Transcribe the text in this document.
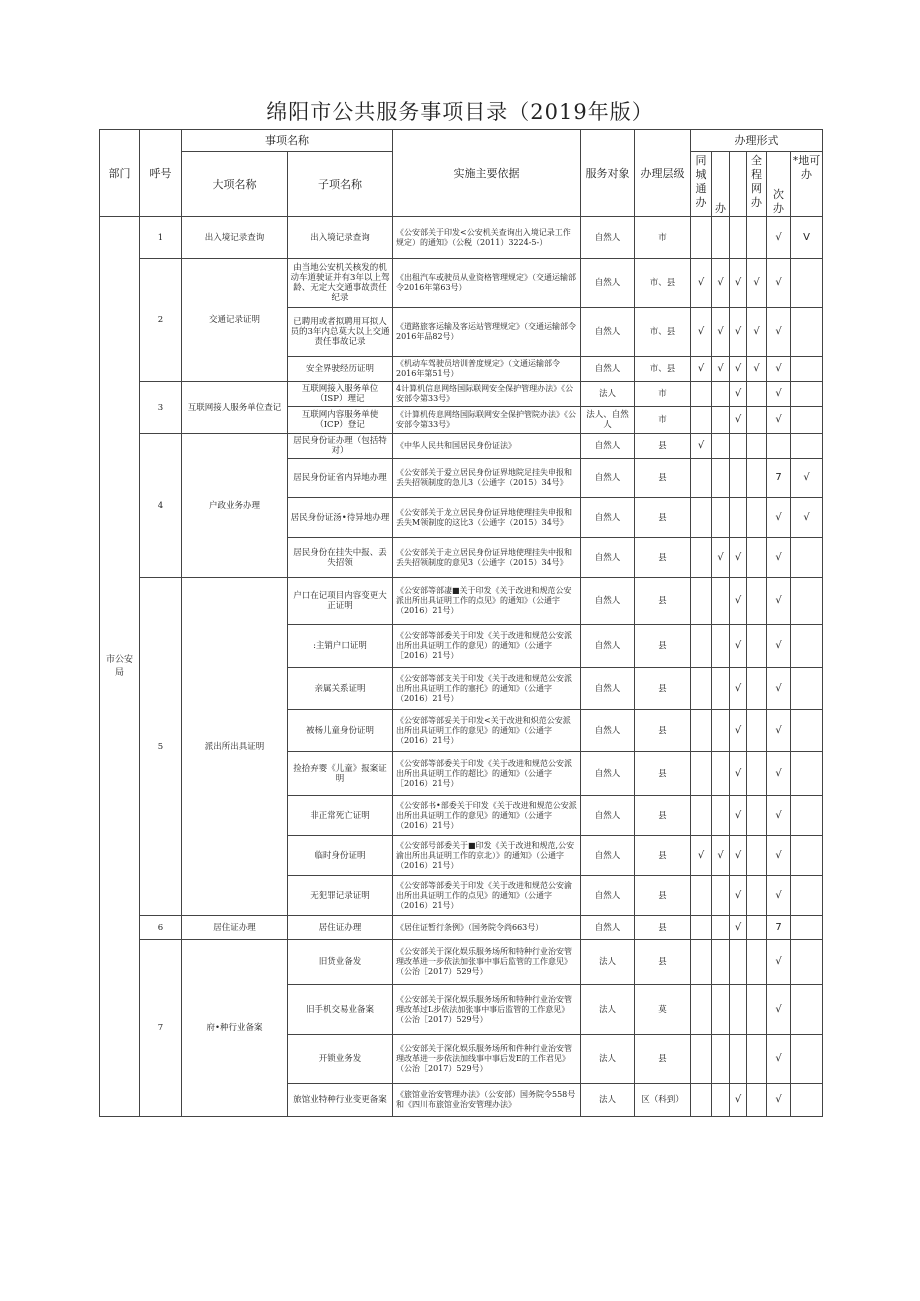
绵阳市公共服务事项目录（2019年版）
部门	呼号	事项名称		实施主要依据	服务对象	办理层级	办理形式					
		大项名称	子项名称				同城通办	办		全程网办	次办	*地可办

市公安局	1	出入境记录查询	出入境记录查询	《公安部关于印发<公安机关查询出入境记录工作规定）的通知》（公税（2011）3224-5-）	自然人	市					√	V
	2	交通记录证明	由当地公安机关核发的机动车道驶证并有3年以上驾龄、无定大交通事故责任纪录	《出租汽车或驶员从业资格管理规定》（交通运输部令2016年第63号）	自然人	市、县	√	√	√	√	√	
			已聘用或者拟聘用耳拟人员的3年内总莫大以上交通责任事故记录	《道路旅客运输及客运站管理规定》（交通运输部令2016年品82号）	自然人	市、县	√	√	√	√	√	
			安全界驶经历证明	《机动车驾驶员培训普度规定》（文通运输部令2016年第51号）	自然人	市、县	√	√	√	√	√	
	3	互联网接人服务单位查记	互联网接入服务单位（ISP）理记	4计算机信息网络国际联网安全保护管理办法》《公安部令第33号》	法人	市			√		√	
			互联网内容服务单使（ICP）登记	《计算机传息网络国际联网安全保护管院办法》《公安部令第33号》	法人、自然人	市			√		√	
	4	户政业务办理	居民身份证办理（包括特对）	《中华人民共和国居民身份证法》	自然人	县	√					
			居民身份证省内异地办理	《公安部关于爱立居民身份证界地院足挂失申报和丢失招领制度的急儿3（公通字（2015）34号》	自然人	县					7	√
			居民身份证汤•待异地办理	《公安部关于龙立居民身份证异地使理挂失申报和丢失M领制度的这比3（公通字（2015）34号》	自然人	县					√	√
			居民身份在挂失中报、丢失招领	《公安部关于走立居民身份证异地使理挂失中报和丢失招领制度的意见3（公通字（2015）34号》	自然人	县		√	√		√	
	5	派出所出具证明	户口在记项目内容变更大正证明	《公安部等部凄■关于印发《关于改进和规范公安派出所出具证明工作的点见》的通知》（公通宇（2016）21号）	自然人	县			√		√	
			:主销户口证明	《公安部等部委关于印发《关于改进和规范公安派出所出具证明工作的意见）的通知》（公通字［2016）21号）	自然人	县			√		√	
			亲属关系证明	《公安部等部支关于印发《关于改进和规范公安派出所出具证明工作的塞托》的通知》（公通字（2016）21号）	自然人	县			√		√	
			被杨儿童身份证明	《公安部等部妥关于印发<关于改进和炽范公安派出所出具证明工作的意见》的通知》（公通字（2016）21号）	自然人	县			√		√	
			捡拾弃婴《儿童》报案证明	《公安部等部委关于印发《关于改进和规范公安派出所出具证明工作的超比》的通知》（公通字［2016）21号）	自然人	县			√		√	
			非正常死亡证明	《公安部书•部委关于印发《关于改进和规范公安派出所出具证明工作的意见》的通知》（公通字（2016）21号）	自然人	县			√		√	
			临时身份证明	《公安部号部委关于■印发《关于改进和规范,公安渝出所出具证明工作的京北）》的通知》（公通字（2016）21号）	自然人	县	√	√	√		√	
			无犯罪记录证明	《公安部等部委关于印发《关于改进和规范公安渝出所出具证明工作的点见》的通知》（公通字（2016）21号）	自然人	县			√		√	
	6	居住证办理	居住证办理	《居住证暂行条例》（国务院令尚663号）	自然人	县			√		7	
	7	府•种行业备案	旧货业备发	《公安部关于深化娱乐服务场所和特种行业治安管理改革进一步依法加张事中事后监管的工作意见》（公治［2017）529号）	法人	县					√	
			旧手机交易业备案	《公安部关于深化娱乐服务场所和特种行业治安管理改革过L步依法加张事中事后监管的工作意见》（公治［2017）529号）	法人	莫					√	
			开锁业务发	《公安部关于深化娱乐服务场所和件种行业治安管理改革进一步依法加线事中事后发E的工作君见》（公治［2017）529号）	法人	县					√	
			旅馆业特种行业变更备案	《旅馆业治安管理办法》（公安部）国务院令558号和《四川布旅馆业治安管理办法》	法人	区（科到）			√		√	
